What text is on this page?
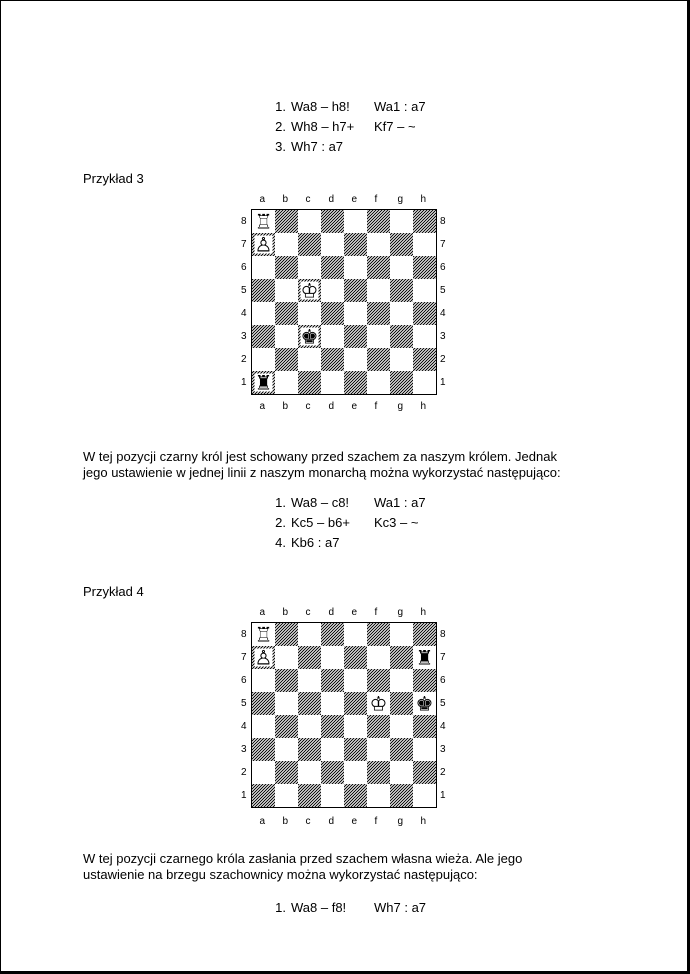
1. Wa8 – h8! Wa1 : a7
2. Wh8 – h7+ Kf7 – ~
3. Wh7 : a7
Przykład 3
a b c d e f g h
♖
♙
♔
♚
♜
8
7
6
5
4
3
2
1
8
7
6
5
4
3
2
1
a b c d e f g h
W tej pozycji czarny król jest schowany przed szachem za naszym królem. Jednak
jego ustawienie w jednej linii z naszym monarchą można wykorzystać następująco:
1. Wa8 – c8! Wa1 : a7
2. Kc5 – b6+ Kc3 – ~
4. Kb6 : a7
Przykład 4
a b c d e f g h
♖
♙	♜
♔ ♚
8
7
6
5
4
3
2
1
8
7
6
5
4
3
2
1
a b c d e f g h
W tej pozycji czarnego króla zasłania przed szachem własna wieża. Ale jego
ustawienie na brzegu szachownicy można wykorzystać następująco:
1. Wa8 – f8! Wh7 : a7
